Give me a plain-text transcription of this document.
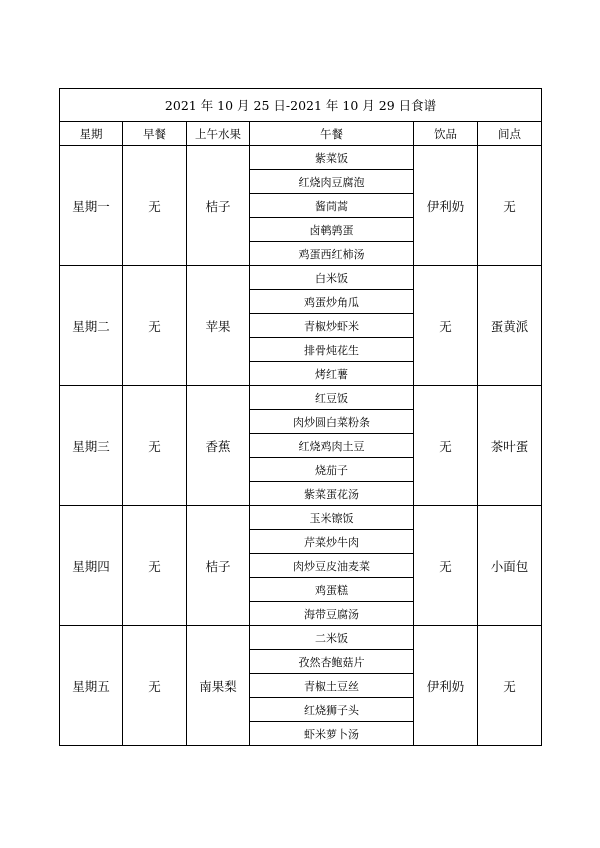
2021 年 10 月 25 日-2021 年 10 月 29 日食谱					
星期	早餐	上午水果	午餐	饮品	间点
星期一	无	桔子	紫菜饭	伊利奶	无
			红烧肉豆腐泡		
			酱茼蒿		
			卤鹌鹑蛋		
			鸡蛋西红柿汤		
星期二	无	苹果	白米饭	无	蛋黄派
			鸡蛋炒角瓜		
			青椒炒虾米		
			排骨炖花生		
			烤红薯		
星期三	无	香蕉	红豆饭	无	茶叶蛋
			肉炒圆白菜粉条		
			红烧鸡肉土豆		
			烧茄子		
			紫菜蛋花汤		
星期四	无	桔子	玉米镲饭	无	小面包
			芹菜炒牛肉		
			肉炒豆皮油麦菜		
			鸡蛋糕		
			海带豆腐汤		
星期五	无	南果梨	二米饭	伊利奶	无
			孜然杏鲍菇片		
			青椒土豆丝		
			红烧狮子头		
			虾米萝卜汤		
